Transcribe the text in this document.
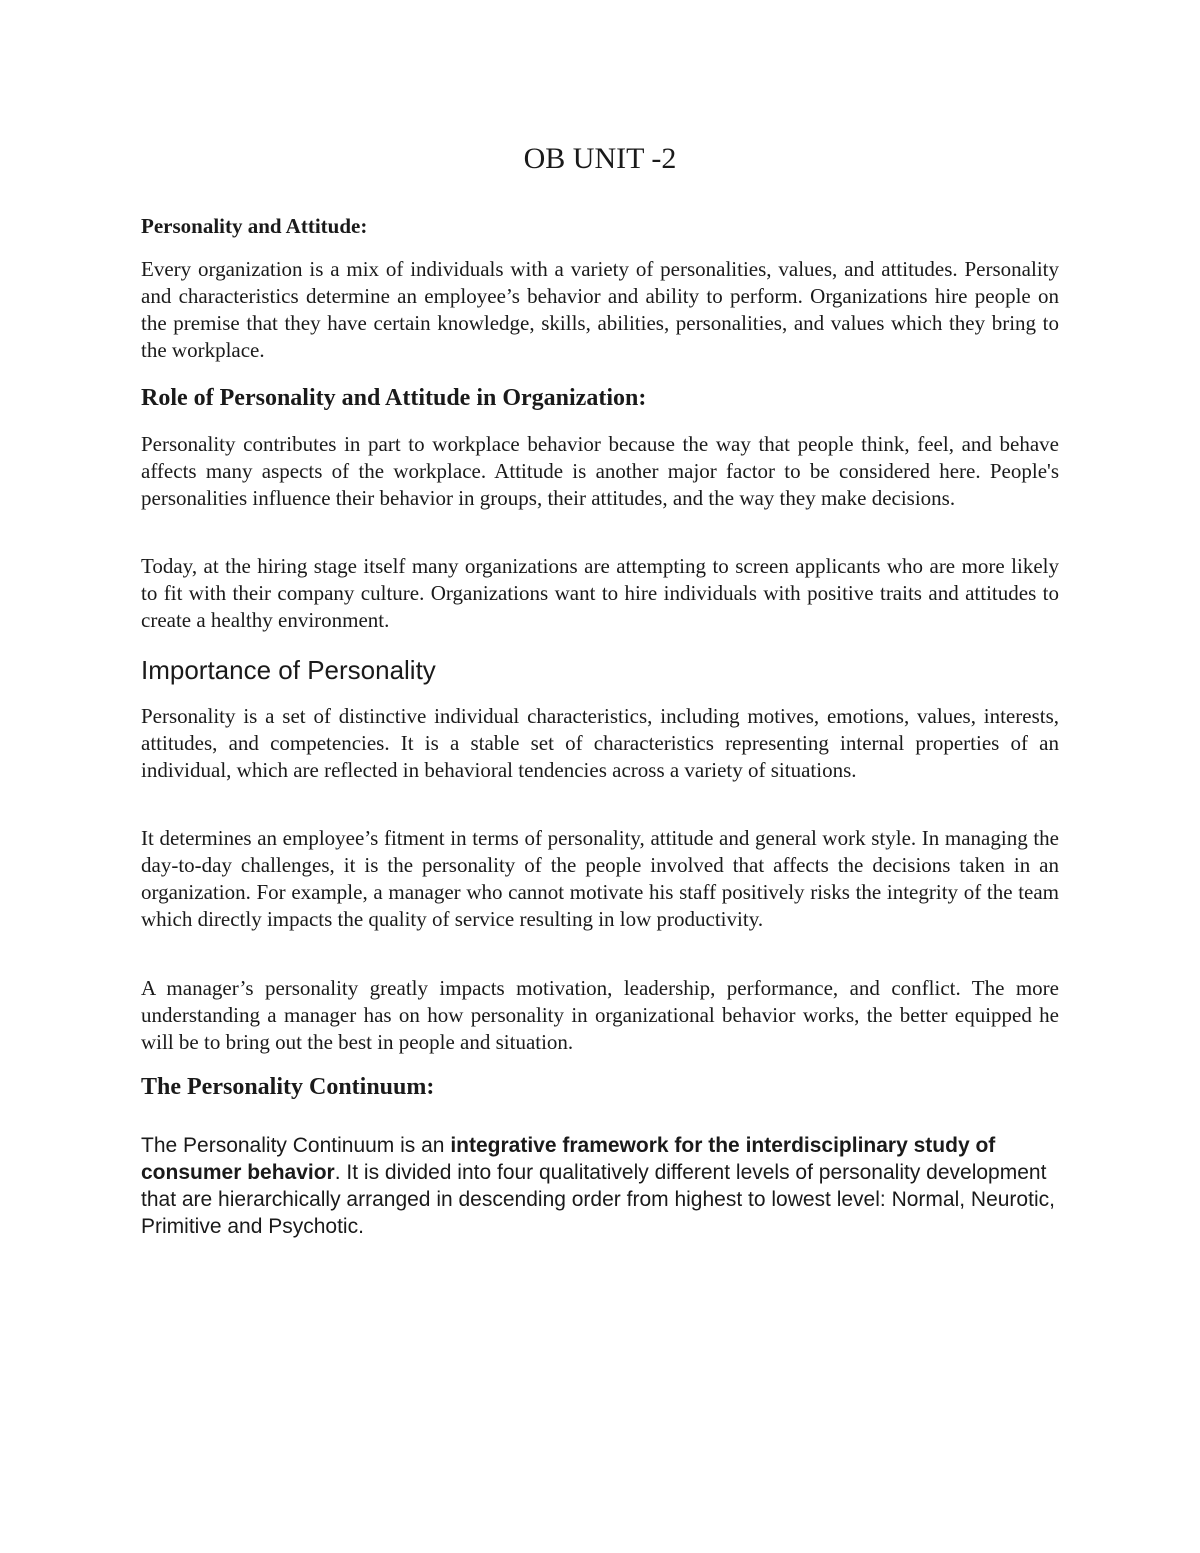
OB UNIT -2
Personality and Attitude:

Every organization is a mix of individuals with a variety of personalities, values, and attitudes. Personality and characteristics determine an employee’s behavior and ability to perform. Organizations hire people on the premise that they have certain knowledge, skills, abilities, personalities, and values which they bring to the workplace.

Role of Personality and Attitude in Organization:

Personality contributes in part to workplace behavior because the way that people think, feel, and behave affects many aspects of the workplace. Attitude is another major factor to be considered here. People's personalities influence their behavior in groups, their attitudes, and the way they make decisions.

Today, at the hiring stage itself many organizations are attempting to screen applicants who are more likely to fit with their company culture. Organizations want to hire individuals with positive traits and attitudes to create a healthy environment.

Importance of Personality

Personality is a set of distinctive individual characteristics, including motives, emotions, values, interests, attitudes, and competencies. It is a stable set of characteristics representing internal properties of an individual, which are reflected in behavioral tendencies across a variety of situations.

It determines an employee’s fitment in terms of personality, attitude and general work style. In managing the day-to-day challenges, it is the personality of the people involved that affects the decisions taken in an organization. For example, a manager who cannot motivate his staff positively risks the integrity of the team which directly impacts the quality of service resulting in low productivity.

A manager’s personality greatly impacts motivation, leadership, performance, and conflict. The more understanding a manager has on how personality in organizational behavior works, the better equipped he will be to bring out the best in people and situation.

The Personality Continuum:

The Personality Continuum is an integrative framework for the interdisciplinary study of consumer behavior. It is divided into four qualitatively different levels of personality development that are hierarchically arranged in descending order from highest to lowest level: Normal, Neurotic, Primitive and Psychotic.
